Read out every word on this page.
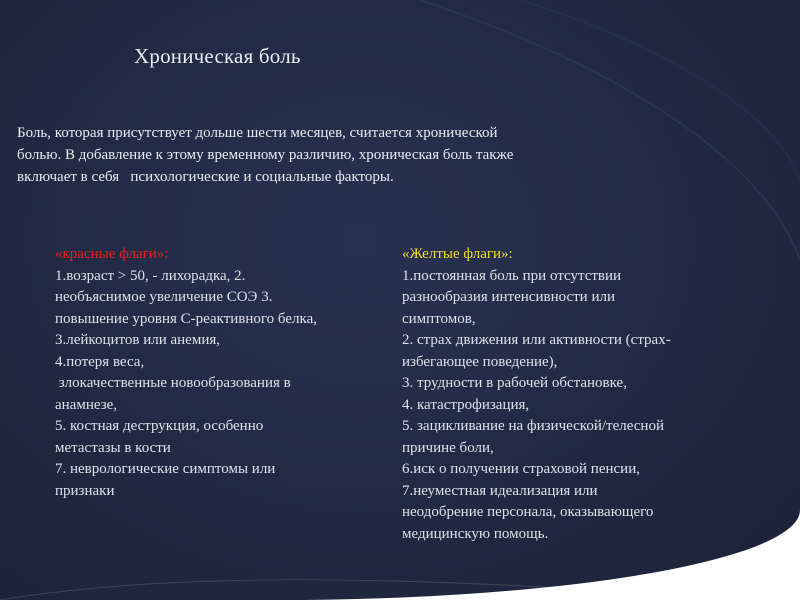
Хроническая боль
Боль, которая присутствует дольше шести месяцев, считается хронической
болью. В добавление к этому временному различию, хроническая боль также
включает в себя   психологические и социальные факторы.
«красные флаги»:
1.возраст > 50, - лихорадка, 2.
необъяснимое увеличение СОЭ 3.
повышение уровня С-реактивного белка,
3.лейкоцитов или анемия,
4.потеря веса,
злокачественные новообразования в
анамнезе,
5. костная деструкция, особенно
метастазы в кости
7. неврологические симптомы или
признаки
«Желтые флаги»:
1.постоянная боль при отсутствии
разнообразия интенсивности или
симптомов,
2. страх движения или активности (страх-
избегающее поведение),
3. трудности в рабочей обстановке,
4. катастрофизация,
5. зацикливание на физической/телесной
причине боли,
6.иск о получении страховой пенсии,
7.неуместная идеализация или
неодобрение персонала, оказывающего
медицинскую помощь.
